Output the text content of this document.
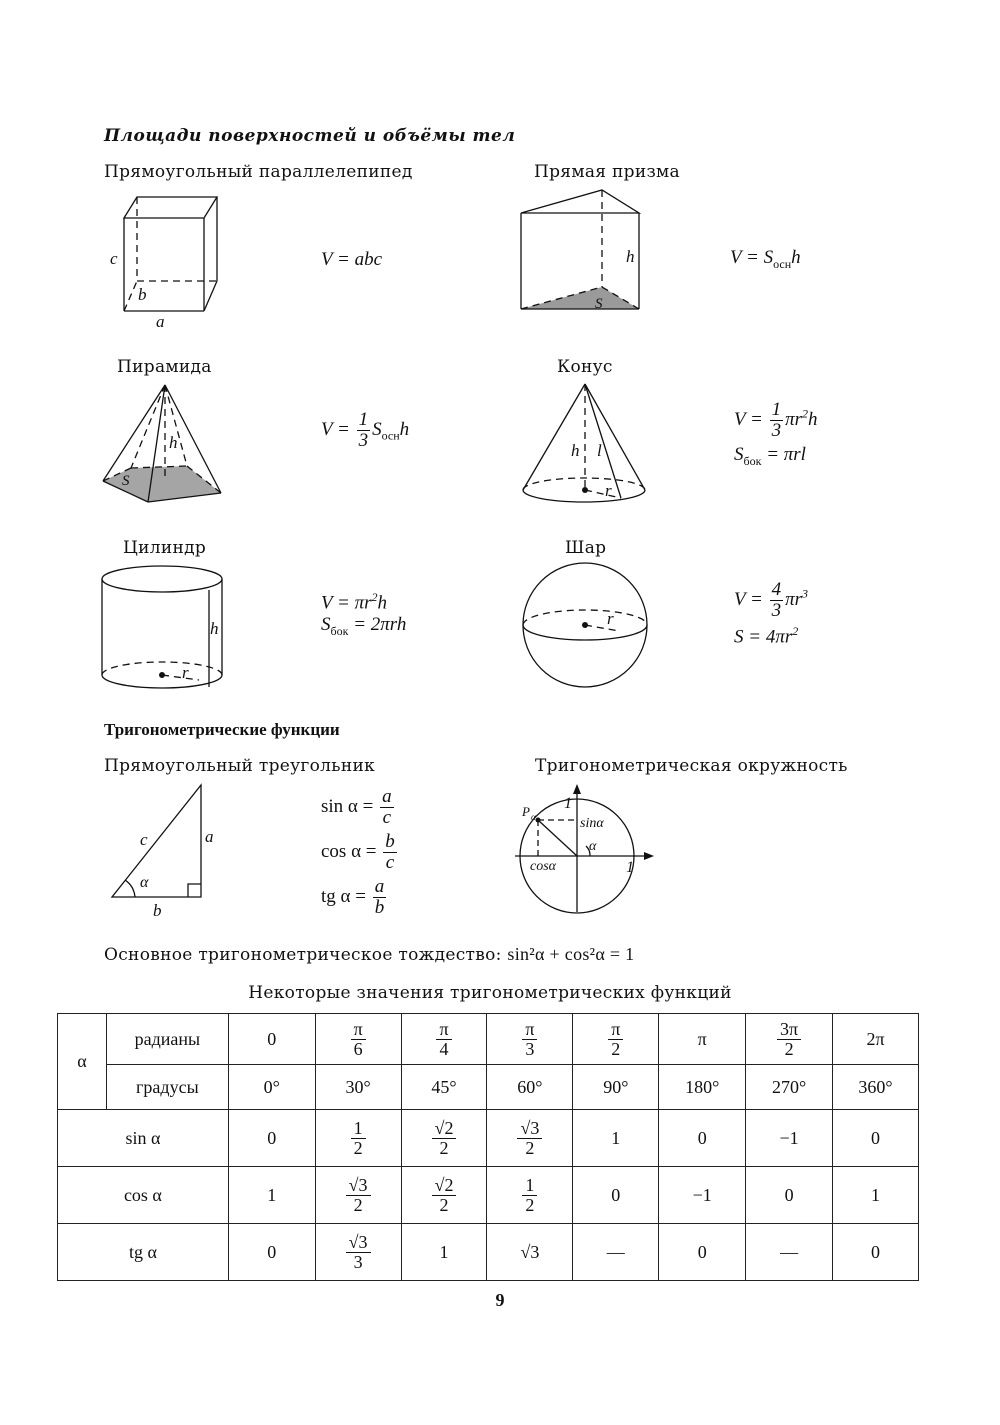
Площади поверхностей и объёмы тел
Прямоугольный параллелепипед
c
b
a
V = abc
Прямая призма
h
S
$V = S_{осн}h$
Пирамида
h
S
$V = \frac{1}{3} S_{осн}h$
Конус
h l
r
$V = \frac{1}{3} \pi r^2h$
$S_{бок} = \pi rl$
Цилиндр
h
r
$V = \pi r^2h$
$S_{бок} = 2\pi rh$
Шар
r
$V = \frac{4}{3} \pi r^3$
$S = 4\pi r^2$
Тригонометрические функции
Прямоугольный треугольник
c	a
b
α
$\sin \alpha = \frac{a}{c}$
$\cos \alpha = \frac{b}{c}$
tg $\alpha = \frac{a}{b}$
Тригонометрическая окружность
1
1
P α	sinα
cosα
α
Основное тригонометрическое тождество: sin²α + cos²α = 1
Некоторые значения тригонометрических функций
α	радианы	0	$\frac{\pi}{6}$	$\frac{\pi}{4}$	$\frac{\pi}{3}$	$\frac{\pi}{2}$	π	$\frac{3\pi}{2}$	2π
	градусы	0°	30°	45°	60°	90°	180°	270°	360°
sin α		0	$\frac{1}{2}$	$\frac{√2}{2}$	$\frac{√3}{2}$	1	0	−1	0
cos α		1	$\frac{√3}{2}$	$\frac{√2}{2}$	$\frac{1}{2}$	0	−1	0	1
tg α		0	$\frac{√3}{3}$	1	√3	—	0	—	0
9
